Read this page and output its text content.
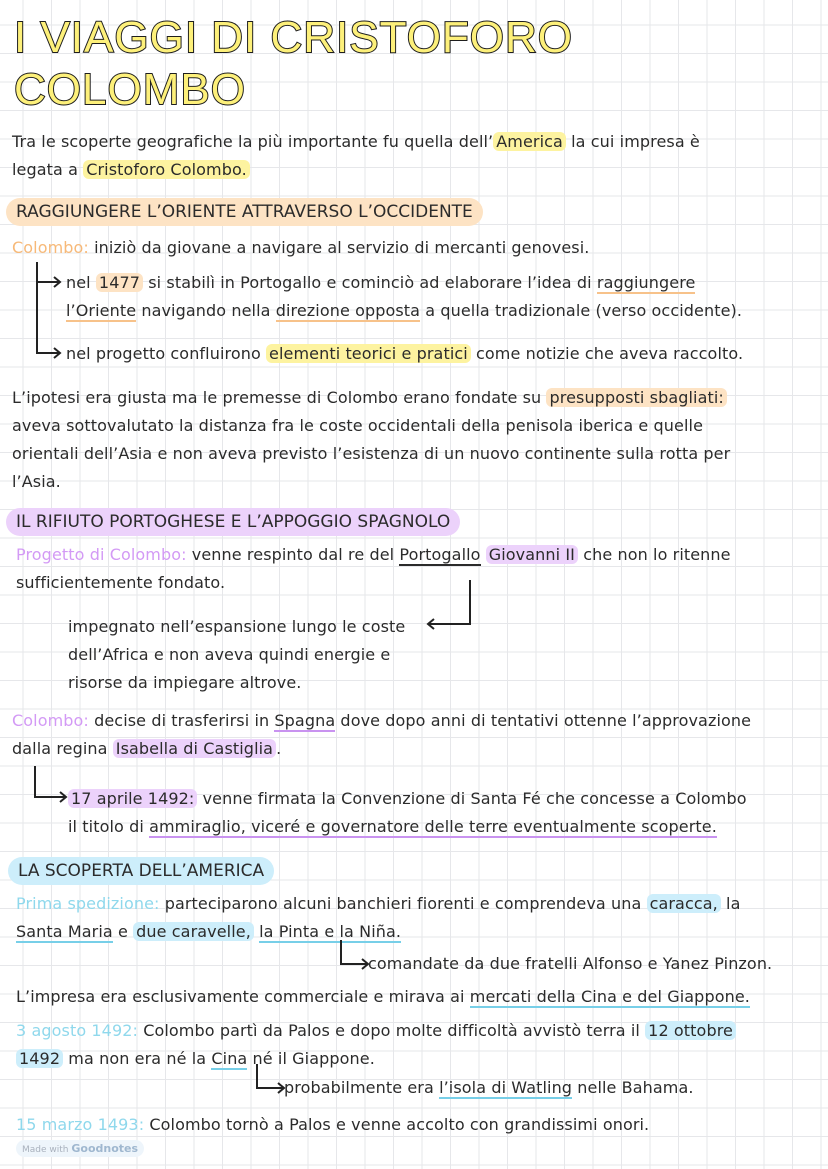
I VIAGGI DI CRISTOFORO
COLOMBO
Tra le scoperte geografiche la più importante fu quella dell’ America la cui impresa è
legata a Cristoforo Colombo.
RAGGIUNGERE L’ORIENTE ATTRAVERSO L’OCCIDENTE
Colombo: iniziò da giovane a navigare al servizio di mercanti genovesi.
nel 1477 si stabilì in Portogallo e cominciò ad elaborare l’idea di raggiungere
l’Oriente navigando nella direzione opposta a quella tradizionale (verso occidente).
nel progetto confluirono elementi teorici e pratici come notizie che aveva raccolto.
L’ipotesi era giusta ma le premesse di Colombo erano fondate su presupposti sbagliati:
aveva sottovalutato la distanza fra le coste occidentali della penisola iberica e quelle
orientali dell’Asia e non aveva previsto l’esistenza di un nuovo continente sulla rotta per
l’Asia.
IL RIFIUTO PORTOGHESE E L’APPOGGIO SPAGNOLO
Progetto di Colombo: venne respinto dal re del Portogallo Giovanni II che non lo ritenne
sufficientemente fondato.
impegnato nell’espansione lungo le coste
dell’Africa e non aveva quindi energie e
risorse da impiegare altrove.
Colombo: decise di trasferirsi in Spagna dove dopo anni di tentativi ottenne l’approvazione
dalla regina Isabella di Castiglia .
17 aprile 1492: venne firmata la Convenzione di Santa Fé che concesse a Colombo
il titolo di ammiraglio, viceré e governatore delle terre eventualmente scoperte.
LA SCOPERTA DELL’AMERICA
Prima spedizione: parteciparono alcuni banchieri fiorenti e comprendeva una caracca, la
Santa Maria e due caravelle, la Pinta e la Niña.
comandate da due fratelli Alfonso e Yanez Pinzon.
L’impresa era esclusivamente commerciale e mirava ai mercati della Cina e del Giappone.
3 agosto 1492: Colombo partì da Palos e dopo molte difficoltà avvistò terra il 12 ottobre
1492 ma non era né la Cina né il Giappone.
probabilmente era l’isola di Watling nelle Bahama.
15 marzo 1493: Colombo tornò a Palos e venne accolto con grandissimi onori.
Made with Goodnotes
